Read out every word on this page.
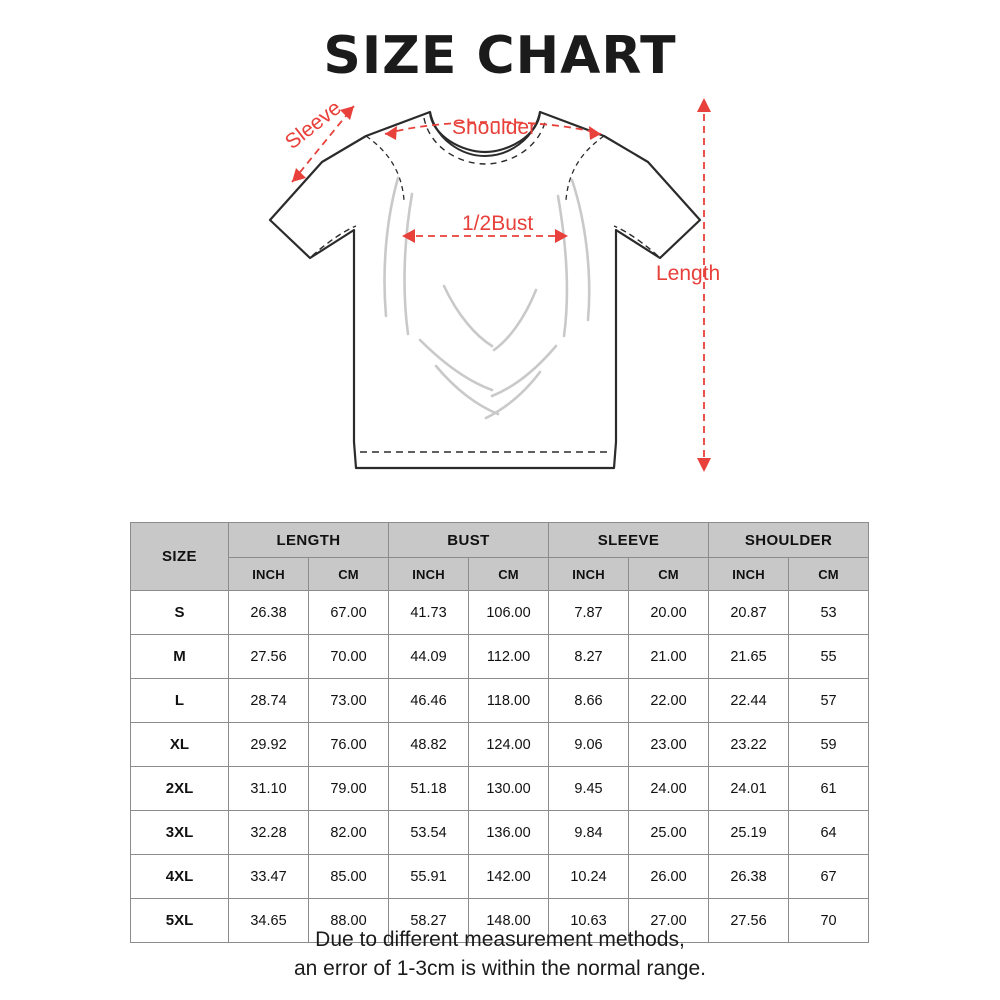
SIZE CHART
Sleeve	Shoulder
1/2Bust
Length
SIZE	LENGTH		BUST		SLEEVE		SHOULDER	
	INCH	CM	INCH	CM	INCH	CM	INCH	CM
S	26.38	67.00	41.73	106.00	7.87	20.00	20.87	53
M	27.56	70.00	44.09	112.00	8.27	21.00	21.65	55
L	28.74	73.00	46.46	118.00	8.66	22.00	22.44	57
XL	29.92	76.00	48.82	124.00	9.06	23.00	23.22	59
2XL	31.10	79.00	51.18	130.00	9.45	24.00	24.01	61
3XL	32.28	82.00	53.54	136.00	9.84	25.00	25.19	64
4XL	33.47	85.00	55.91	142.00	10.24	26.00	26.38	67
5XL	34.65	88.00	58.27	148.00	10.63	27.00	27.56	70
Due to different measurement methods,
an error of 1-3cm is within the normal range.
